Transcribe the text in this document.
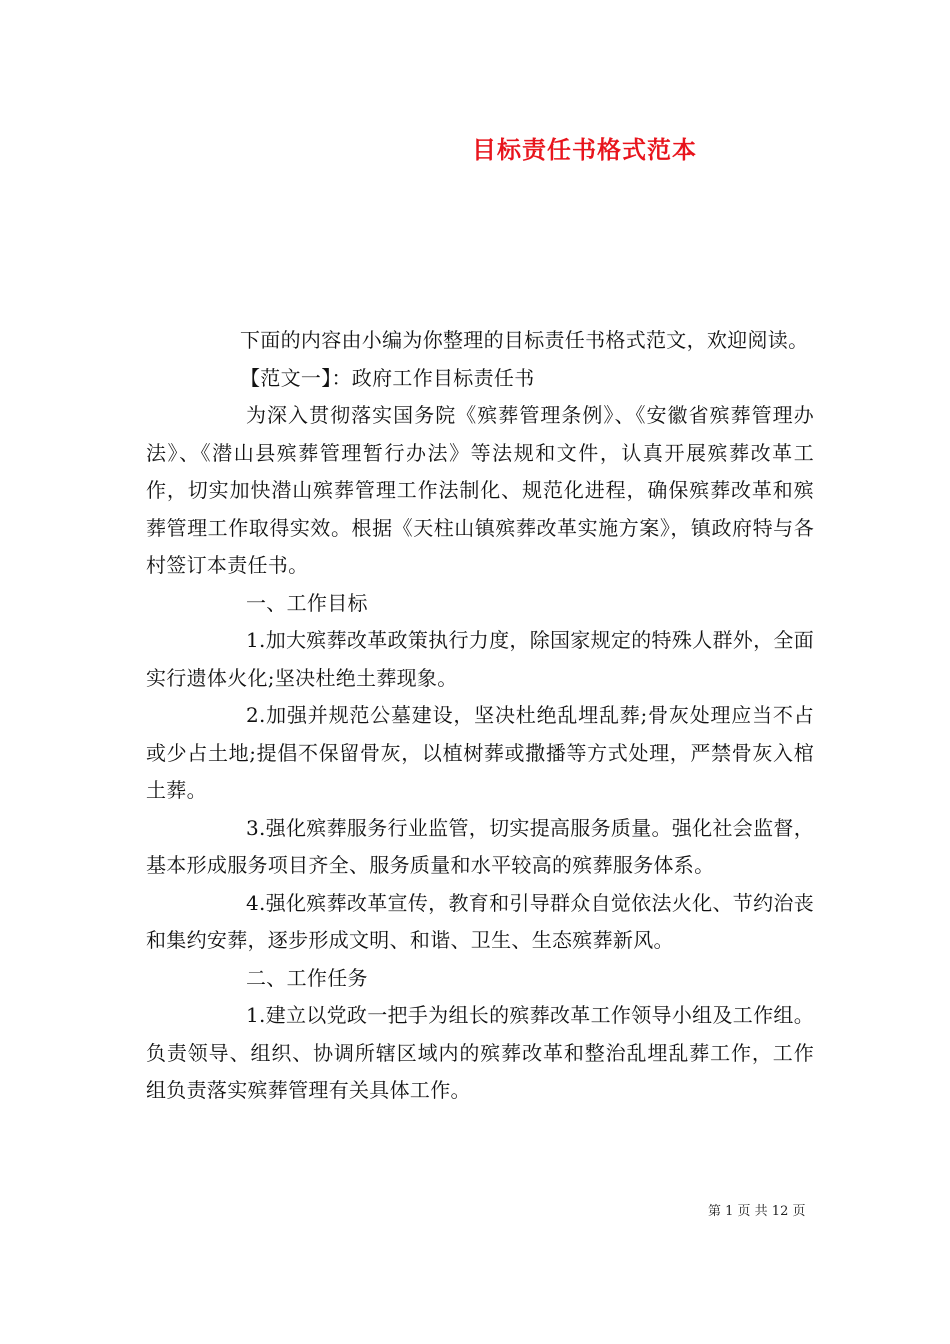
目标责任书格式范本

下面的内容由小编为你整理的目标责任书格式范文，欢迎阅读。

【范文一】：政府工作目标责任书

为深入贯彻落实国务院《殡葬管理条例》、《安徽省殡葬管理办法》、《潜山县殡葬管理暂行办法》等法规和文件，认真开展殡葬改革工作，切实加快潜山殡葬管理工作法制化、规范化进程，确保殡葬改革和殡葬管理工作取得实效。根据《天柱山镇殡葬改革实施方案》，镇政府特与各村签订本责任书。

一、工作目标

1.加大殡葬改革政策执行力度，除国家规定的特殊人群外，全面实行遗体火化;坚决杜绝土葬现象。

2.加强并规范公墓建设，坚决杜绝乱埋乱葬;骨灰处理应当不占或少占土地;提倡不保留骨灰，以植树葬或撒播等方式处理，严禁骨灰入棺土葬。

3.强化殡葬服务行业监管，切实提高服务质量。强化社会监督，基本形成服务项目齐全、服务质量和水平较高的殡葬服务体系。

4.强化殡葬改革宣传，教育和引导群众自觉依法火化、节约治丧和集约安葬，逐步形成文明、和谐、卫生、生态殡葬新风。

二、工作任务

1.建立以党政一把手为组长的殡葬改革工作领导小组及工作组。负责领导、组织、协调所辖区域内的殡葬改革和整治乱埋乱葬工作，工作组负责落实殡葬管理有关具体工作。

第 1 页 共 12 页
